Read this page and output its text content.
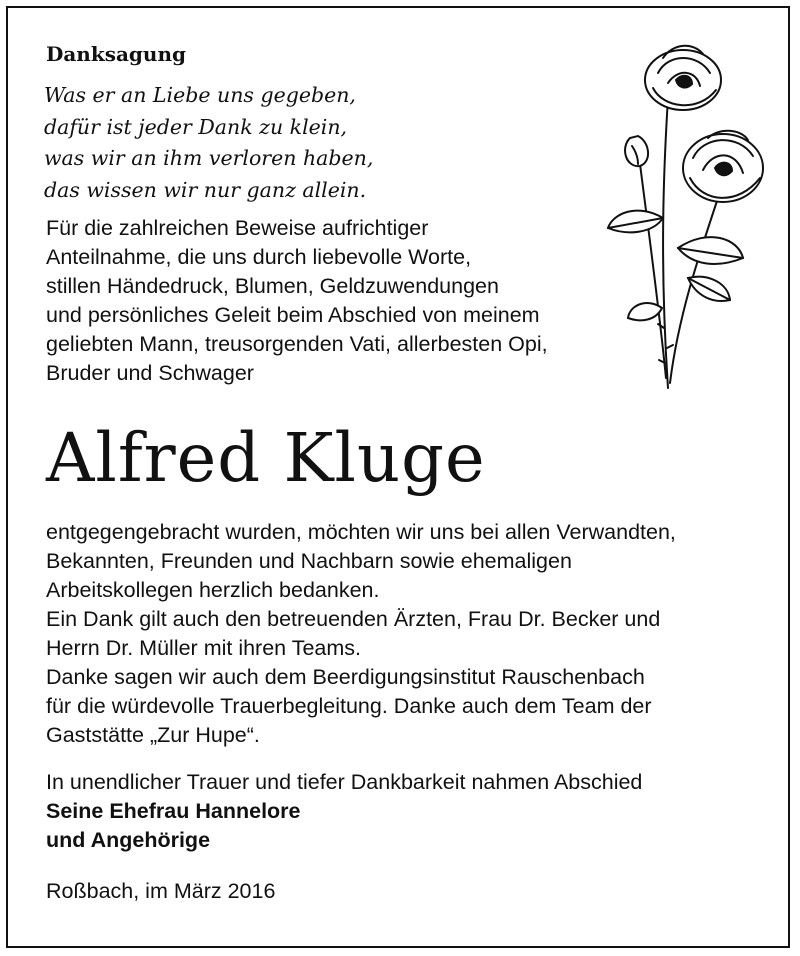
Danksagung
Was er an Liebe uns gegeben,
dafür ist jeder Dank zu klein,
was wir an ihm verloren haben,
das wissen wir nur ganz allein.
Für die zahlreichen Beweise aufrichtiger
Anteilnahme, die uns durch liebevolle Worte,
stillen Händedruck, Blumen, Geldzuwendungen
und persönliches Geleit beim Abschied von meinem
geliebten Mann, treusorgenden Vati, allerbesten Opi,
Bruder und Schwager
Alfred Kluge
entgegengebracht wurden, möchten wir uns bei allen Verwandten,
Bekannten, Freunden und Nachbarn sowie ehemaligen
Arbeitskollegen herzlich bedanken.
Ein Dank gilt auch den betreuenden Ärzten, Frau Dr. Becker und
Herrn Dr. Müller mit ihren Teams.
Danke sagen wir auch dem Beerdigungsinstitut Rauschenbach
für die würdevolle Trauerbegleitung. Danke auch dem Team der
Gaststätte „Zur Hupe“.
In unendlicher Trauer und tiefer Dankbarkeit nahmen Abschied
Seine Ehefrau Hannelore
und Angehörige
Roßbach, im März 2016
